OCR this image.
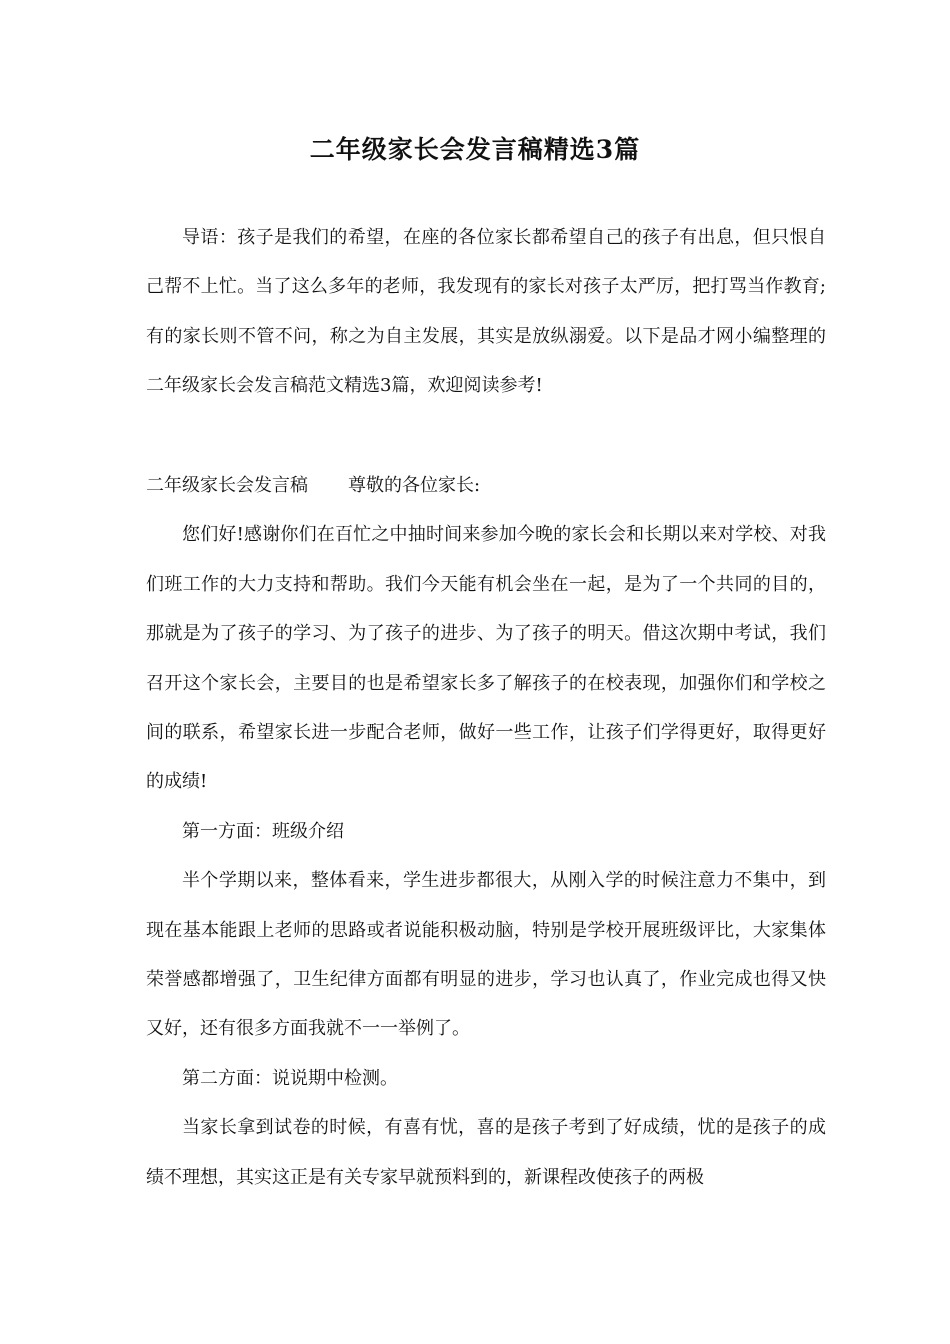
二年级家长会发言稿精选3篇

导语：孩子是我们的希望，在座的各位家长都希望自己的孩子有出息，但只恨自己帮不上忙。当了这么多年的老师，我发现有的家长对孩子太严厉，把打骂当作教育;有的家长则不管不问，称之为自主发展，其实是放纵溺爱。以下是品才网小编整理的二年级家长会发言稿范文精选3篇，欢迎阅读参考!

二年级家长会发言稿 尊敬的各位家长:

您们好!感谢你们在百忙之中抽时间来参加今晚的家长会和长期以来对学校、对我们班工作的大力支持和帮助。我们今天能有机会坐在一起，是为了一个共同的目的，那就是为了孩子的学习、为了孩子的进步、为了孩子的明天。借这次期中考试，我们召开这个家长会，主要目的也是希望家长多了解孩子的在校表现，加强你们和学校之间的联系，希望家长进一步配合老师，做好一些工作，让孩子们学得更好，取得更好的成绩!

第一方面：班级介绍

半个学期以来，整体看来，学生进步都很大，从刚入学的时候注意力不集中，到现在基本能跟上老师的思路或者说能积极动脑，特别是学校开展班级评比，大家集体荣誉感都增强了，卫生纪律方面都有明显的进步，学习也认真了，作业完成也得又快又好，还有很多方面我就不一一举例了。

第二方面：说说期中检测。

当家长拿到试卷的时候，有喜有忧，喜的是孩子考到了好成绩，忧的是孩子的成绩不理想，其实这正是有关专家早就预料到的，新课程改使孩子的两极
